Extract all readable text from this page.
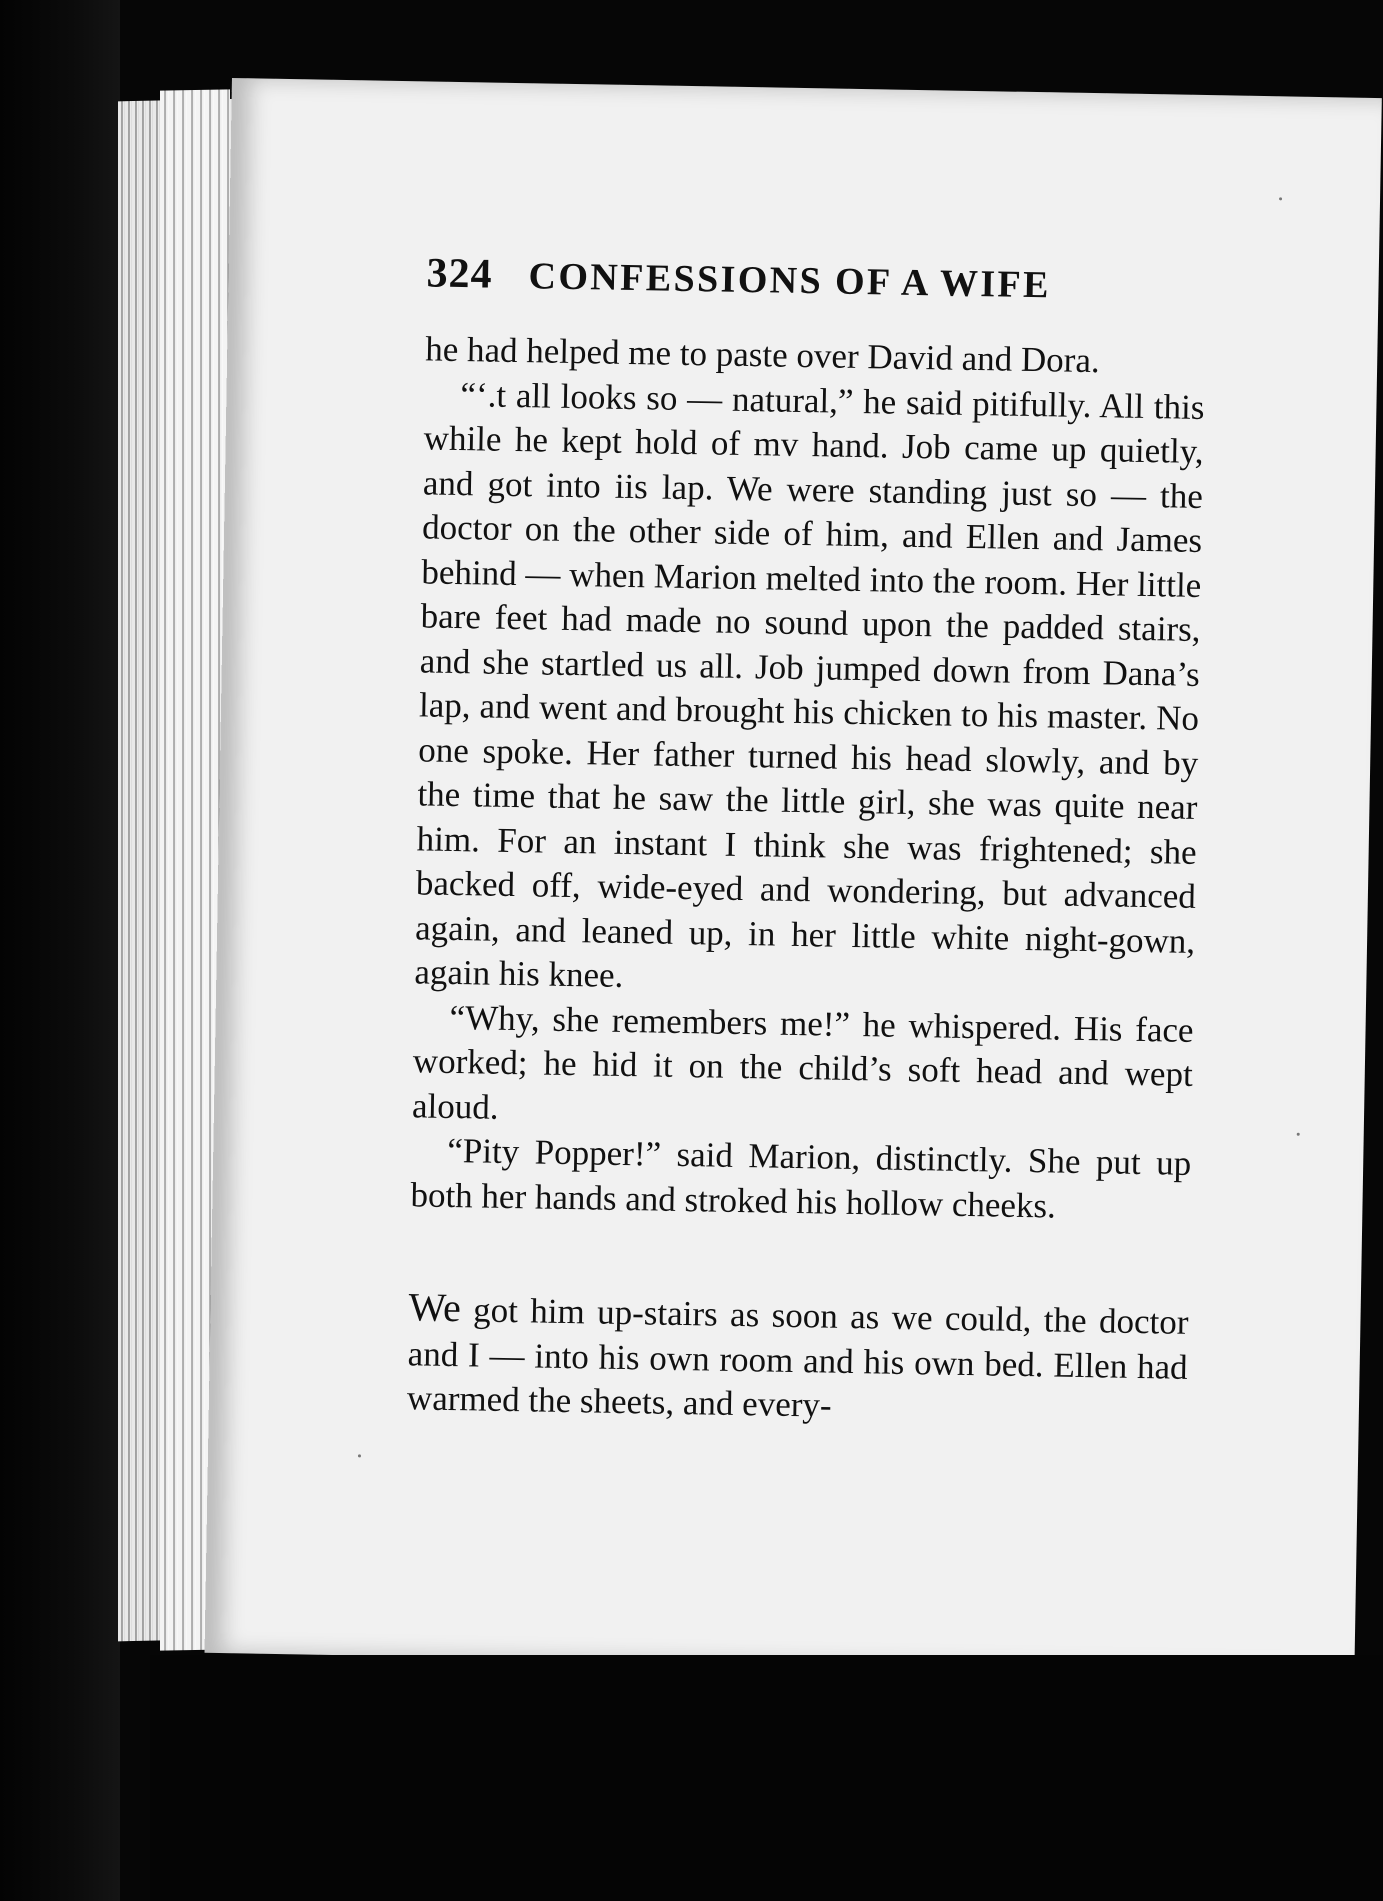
324 CONFESSIONS OF A WIFE

he had helped me to paste over David and Dora.

“‘.t all looks so — natural,” he said pitifully. All this while he kept hold of mv hand. Job came up quietly, and got into iis lap. We were standing just so — the doctor on the other side of him, and Ellen and James behind — when Marion melted into the room. Her little bare feet had made no sound upon the padded stairs, and she startled us all. Job jumped down from Dana’s lap, and went and brought his chicken to his master. No one spoke. Her father turned his head slowly, and by the time that he saw the little girl, she was quite near him. For an instant I think she was frightened; she backed off, wide-eyed and wondering, but advanced again, and leaned up, in her little white night-gown, again his knee.

“Why, she remembers me!” he whispered. His face worked; he hid it on the child’s soft head and wept aloud.

“Pity Popper!” said Marion, distinctly. She put up both her hands and stroked his hollow cheeks.

We got him up-stairs as soon as we could, the doctor and I — into his own room and his own bed. Ellen had warmed the sheets, and every-
